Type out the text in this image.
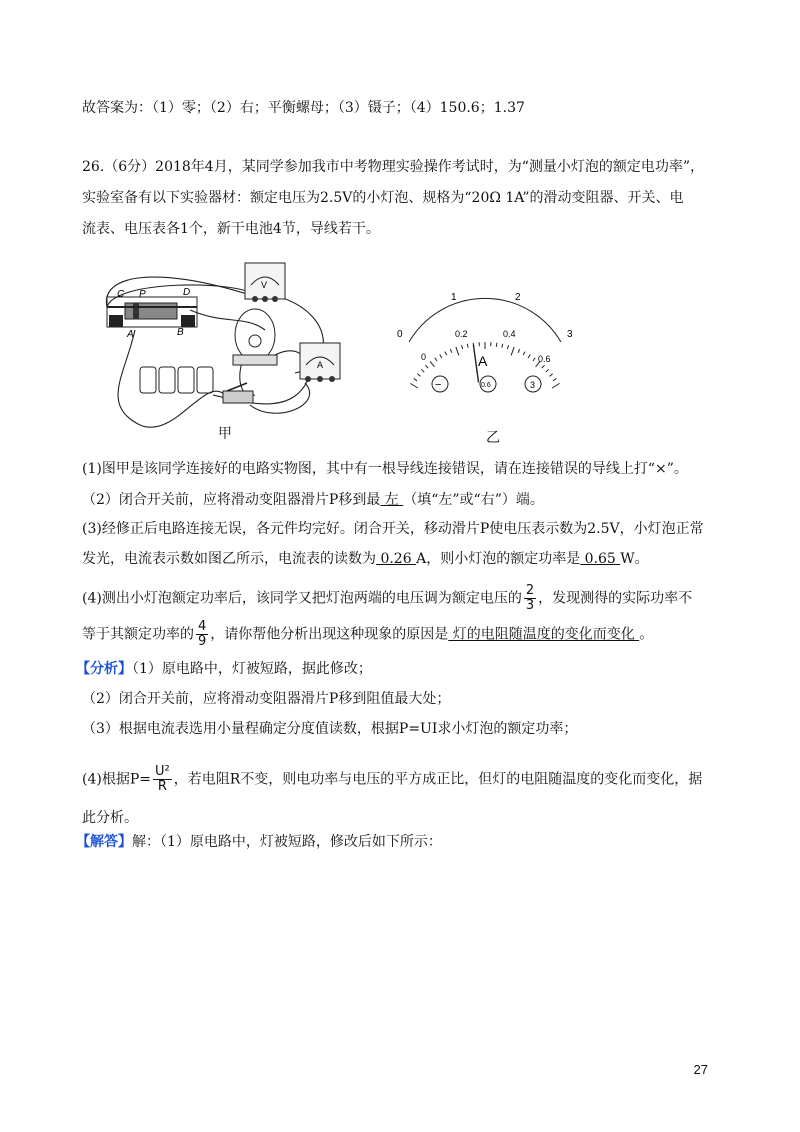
故答案为：（1）零；（2）右；平衡螺母；（3）镊子；（4）150.6；1.37
26.（6分）2018年4月，某同学参加我市中考物理实验操作考试时，为“测量小灯泡的额定电功率”，
实验室备有以下实验器材：额定电压为2.5V的小灯泡、规格为“20Ω 1A”的滑动变阻器、开关、电
流表、电压表各1个，新干电池4节，导线若干。
C P	D
A	B
V
A
0
1	2
3
0
0.2	0.4
0.6
A
−	0.6	3
甲	乙
(1)图甲是该同学连接好的电路实物图，其中有一根导线连接错误，请在连接错误的导线上打“×”。
（2）闭合开关前，应将滑动变阻器滑片P移到最 左 （填“左”或“右”）端。
(3)经修正后电路连接无误，各元件均完好。闭合开关，移动滑片P使电压表示数为2.5V，小灯泡正常
发光，电流表示数如图乙所示，电流表的读数为 0.26 A，则小灯泡的额定功率是 0.65 W。
(4)测出小灯泡额定功率后，该同学又把灯泡两端的电压调为额定电压的 $\frac{2}{3}$ ，发现测得的实际功率不
等于其额定功率的 $\frac{4}{9}$ ，请你帮他分析出现这种现象的原因是 灯的电阻随温度的变化而变化 。
【分析】（1）原电路中，灯被短路，据此修改；
（2）闭合开关前，应将滑动变阻器滑片P移到阻值最大处；
（3）根据电流表选用小量程确定分度值读数，根据P=UI求小灯泡的额定功率；
(4)根据$P= \frac{\text{U²}}{R}$ ，若电阻R不变，则电功率与电压的平方成正比，但灯的电阻随温度的变化而变化，据
此分析。
【解答】解：（1）原电路中，灯被短路，修改后如下所示：
27
